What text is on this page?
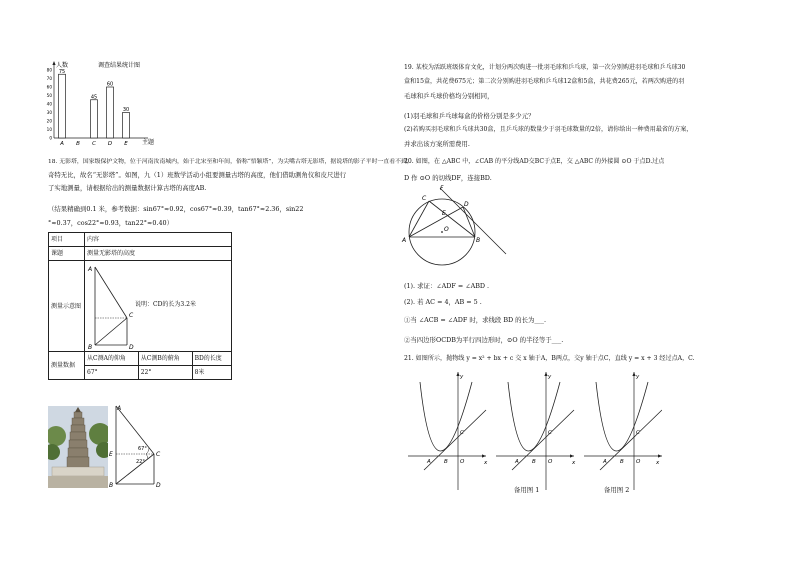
0
10
20
30
40
50
60
70
80
人数	调查结果统计图
主题
75
A B
45
C
60
D
30
E
18. 无影塔，国家级保护文物，位于河南汝南城内，始于北宋至和年间，俗称“悟颖塔”，为尖嘴古塔无影塔，据说塔的影子平时一直看不到，
奇特无比，故名“无影塔”。如图，九（1）班数学活动小组要测量古塔的高度，他们借助测角仪和皮尺进行
了实地测量，请根据给出的测量数据计算古塔的高度AB.
（结果精确到0.1 米，参考数据：sin67°≈0.92，cos67°≈0.39，tan67°≈2.36，sin22
°≈0.37，cos22°≈0.93，tan22°≈0.40）
项目	内容		
课题	测量无影塔的高度		
测量示意图	A
B
C
D
说明：CD的长为3.2米		

测量数据	从C测A的仰角	从C测B的俯角	BD的长度
	67°	22°	8米
A
E
B
C
D
67°
22°
19. 某校为活跃班级体育文化，计划分两次购进一批羽毛球和乒乓球，第一次分别购进羽毛球和乒乓球30
盒和15盒，共花费675元；第二次分别购进羽毛球和乒乓球12盒和5盒，共花费265元，若两次购进的羽
毛球和乒乓球价格均分别相同，
(1)羽毛球和乒乓球每盒的价格分别是多少元？
(2)若购买羽毛球和乒乓球共30盒，且乒乓球的数量少于羽毛球数量的2倍，请你给出一种费用最省的方案，
并求出该方案所需费用.
20. 如图，在 △ABC 中，∠CAB 的平分线AD交BC于点E，交 △ABC 的外接圆 ⊙O 于点D.过点
D 作 ⊙O 的切线DF，连接BD.
F
C
D
E
O
A	B
(1). 求证：∠ADF = ∠ABD .
(2). 若 AC = 4，AB = 5 .
①当 ∠ACB = ∠ADF 时，求线段 BD 的长为___.
②当四边形OCDB为平行四边形时，⊙O 的半径等于___.
21. 如图所示，抛物线 y = x² + bx + c 交 x 轴于A，B两点，交y 轴于点C，直线 y = x + 3 经过点A，C.
y
x
A B O
C
y
x
A B O
C
y
x
A B O
C
备用图 1	备用图 2
